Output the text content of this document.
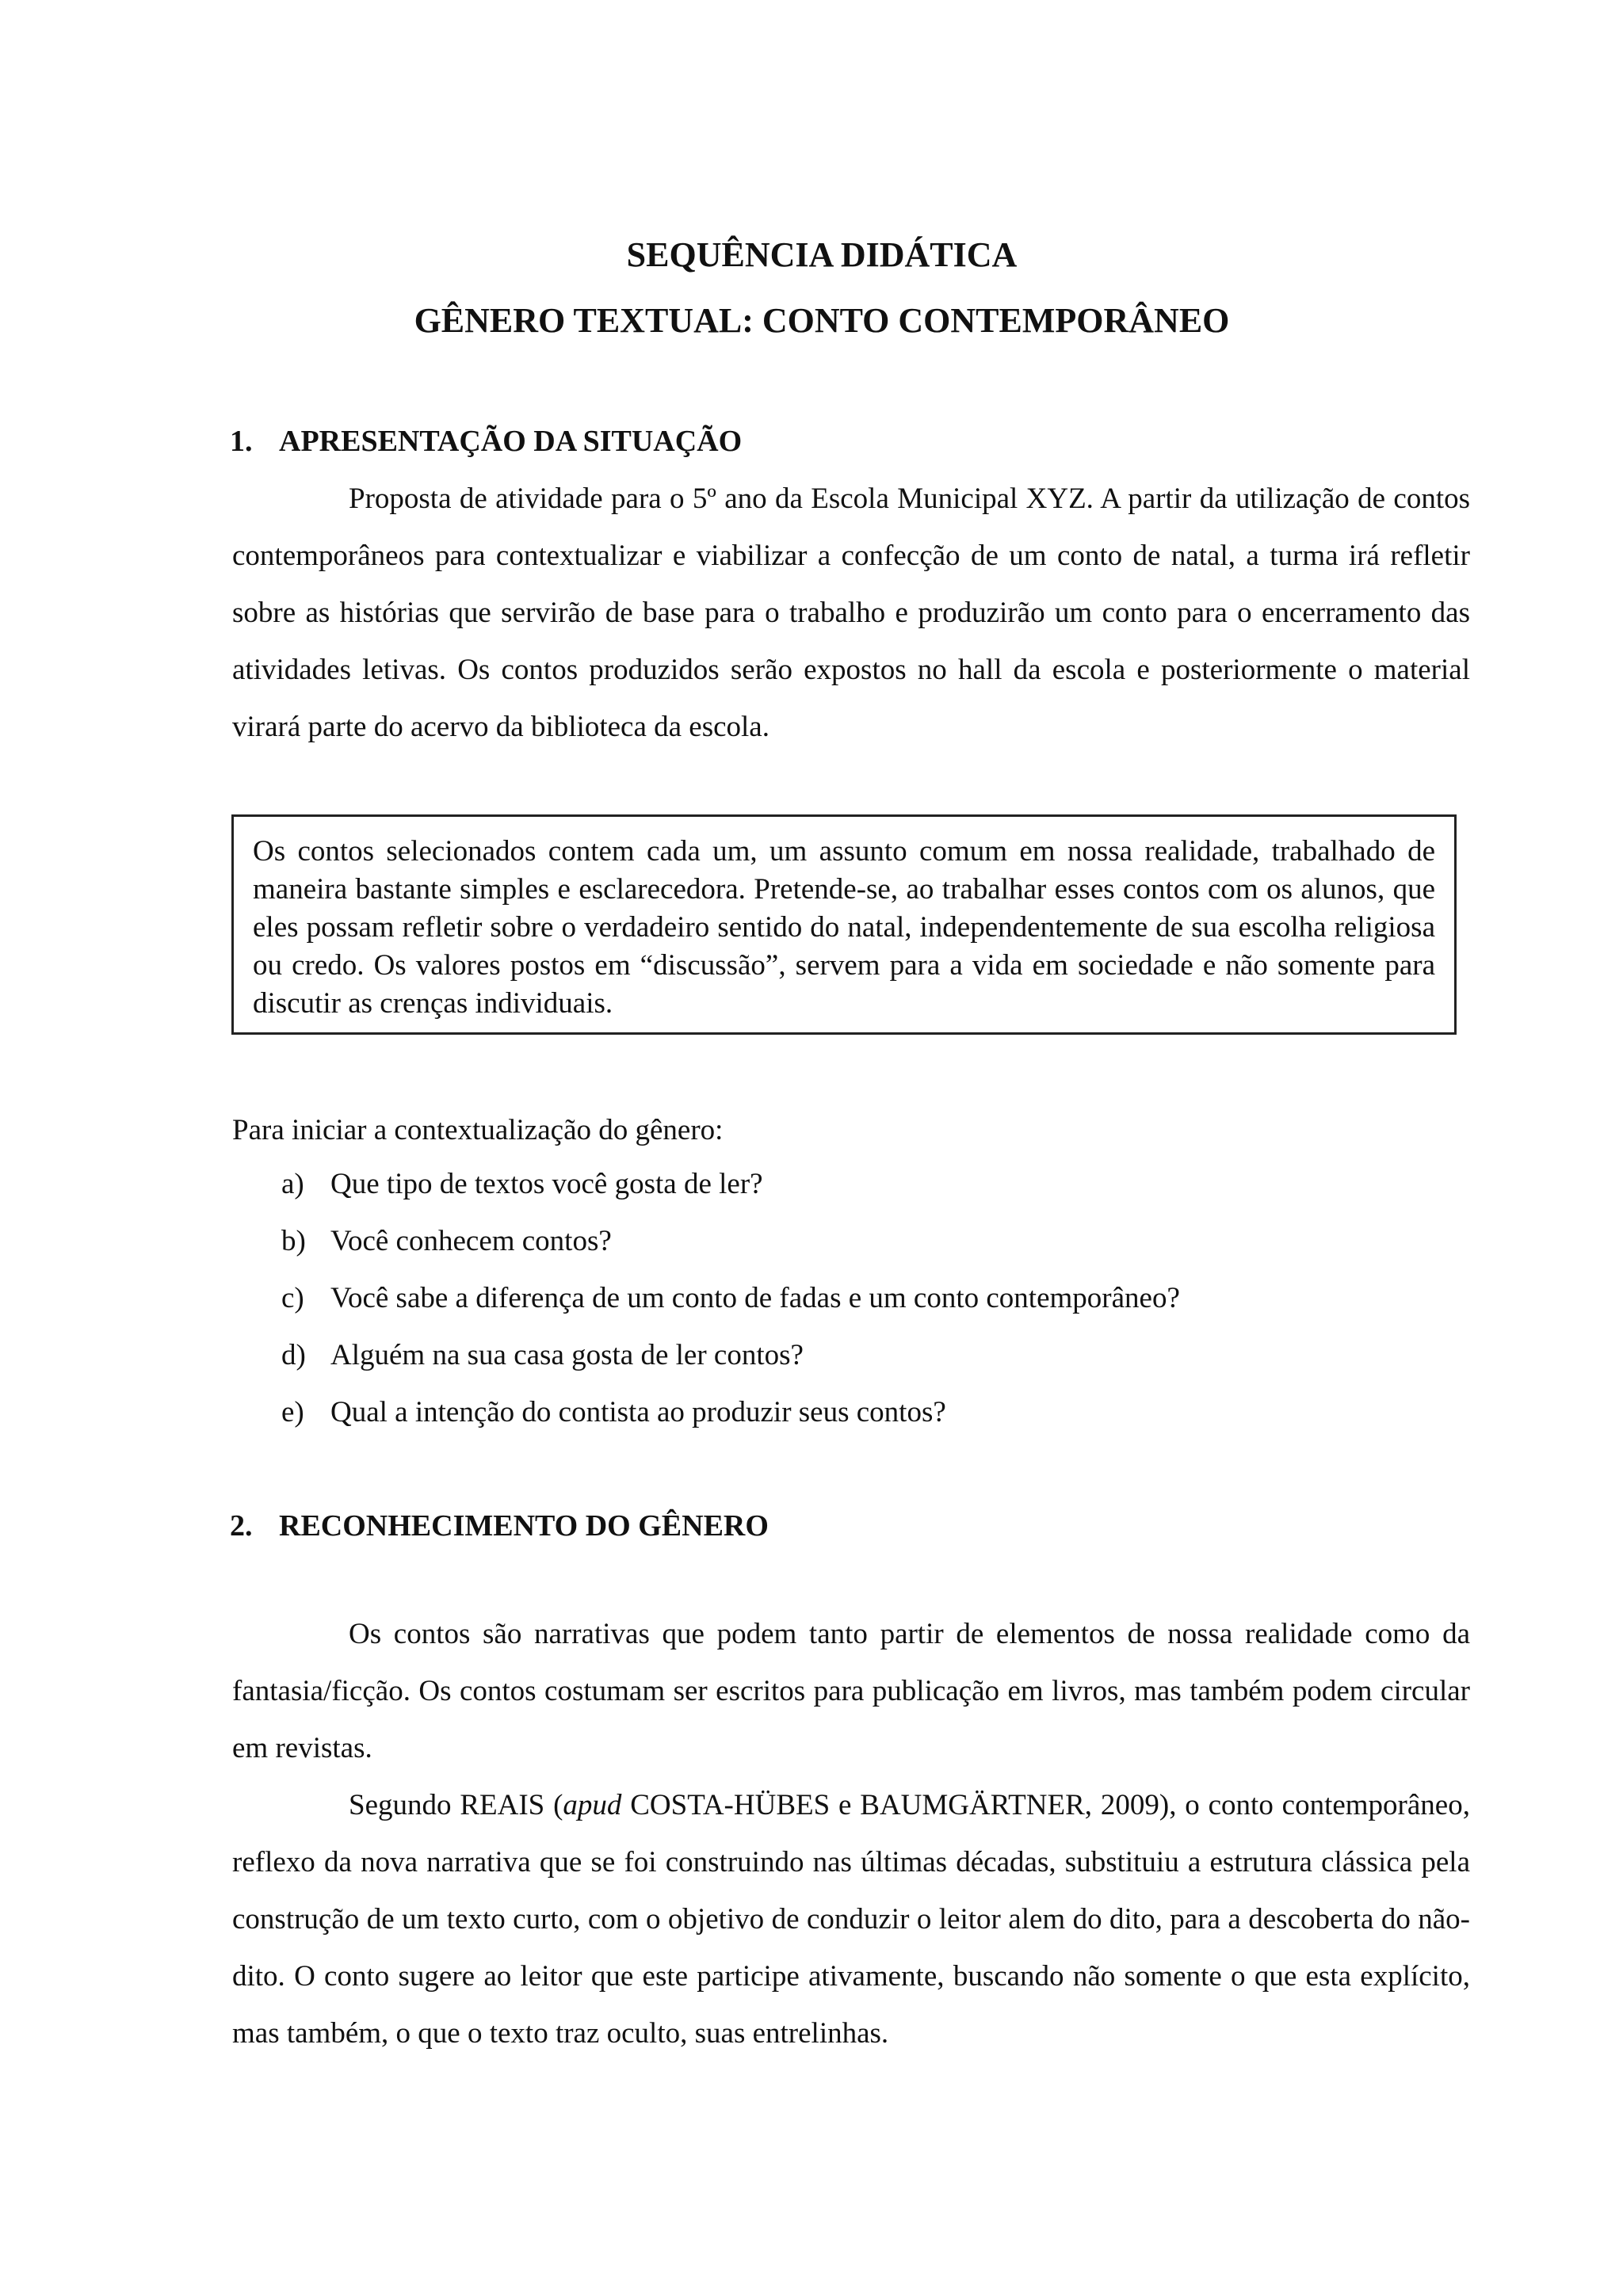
SEQUÊNCIA DIDÁTICA
GÊNERO TEXTUAL: CONTO CONTEMPORÂNEO
1. APRESENTAÇÃO DA SITUAÇÃO

Proposta de atividade para o 5º ano da Escola Municipal XYZ. A partir da utilização de contos contemporâneos para contextualizar e viabilizar a confecção de um conto de natal, a turma irá refletir sobre as histórias que servirão de base para o trabalho e produzirão um conto para o encerramento das atividades letivas. Os contos produzidos serão expostos no hall da escola e posteriormente o material virará parte do acervo da biblioteca da escola.

Os contos selecionados contem cada um, um assunto comum em nossa realidade, trabalhado de maneira bastante simples e esclarecedora. Pretende-se, ao trabalhar esses contos com os alunos, que eles possam refletir sobre o verdadeiro sentido do natal, independentemente de sua escolha religiosa ou credo. Os valores postos em “discussão”, servem para a vida em sociedade e não somente para discutir as crenças individuais.

Para iniciar a contextualização do gênero:
a) Que tipo de textos você gosta de ler?
b) Você conhecem contos?
c) Você sabe a diferença de um conto de fadas e um conto contemporâneo?
d) Alguém na sua casa gosta de ler contos?
e) Qual a intenção do contista ao produzir seus contos?
2. RECONHECIMENTO DO GÊNERO

Os contos são narrativas que podem tanto partir de elementos de nossa realidade como da fantasia/ficção. Os contos costumam ser escritos para publicação em livros, mas também podem circular em revistas.

Segundo REAIS (apud COSTA-HÜBES e BAUMGÄRTNER, 2009), o conto contemporâneo, reflexo da nova narrativa que se foi construindo nas últimas décadas, substituiu a estrutura clássica pela construção de um texto curto, com o objetivo de conduzir o leitor alem do dito, para a descoberta do não-dito. O conto sugere ao leitor que este participe ativamente, buscando não somente o que esta explícito, mas também, o que o texto traz oculto, suas entrelinhas.
